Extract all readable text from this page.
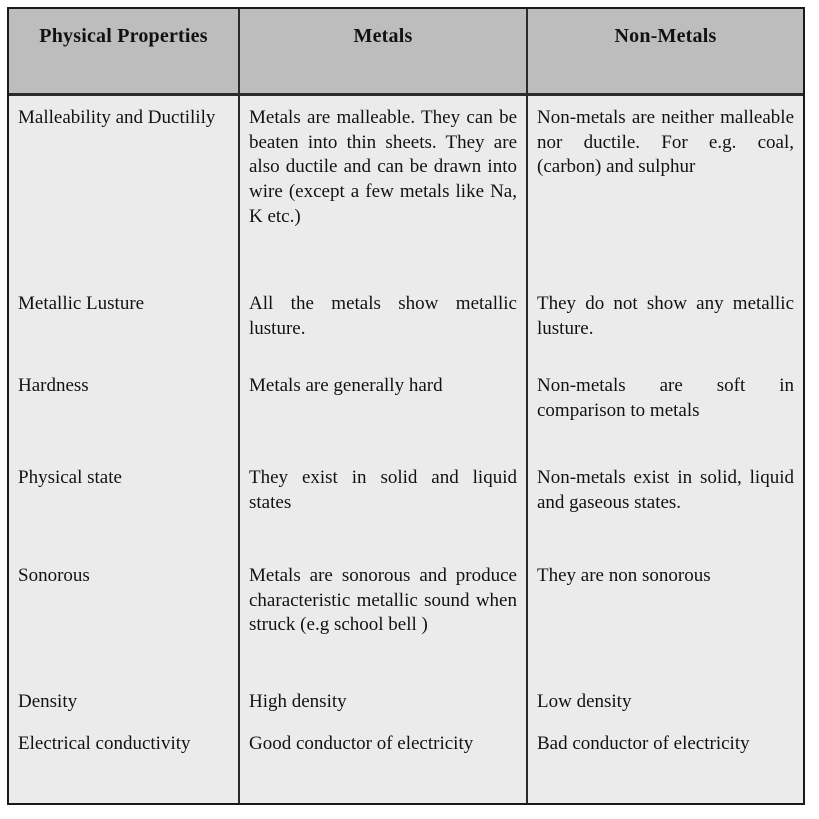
Physical Properties	Metals	Non-Metals
Malleability and Ductilily
Metallic Lusture
Hardness
Physical state
Sonorous
Density
Electrical conductivity
Metals are malleable. They can be beaten into thin sheets. They are also ductile and can be drawn into wire (except a few metals like Na, K etc.)
All the metals show metallic lusture.
Metals are generally hard
They exist in solid and liquid states
Metals are sonorous and produce characteristic metallic sound when struck (e.g school bell )
High density
Good conductor of electricity
Non-metals are neither malleable nor ductile. For e.g. coal, (carbon) and sulphur
They do not show any metallic lusture.
Non-metals are soft in comparison to metals
Non-metals exist in solid, liquid and gaseous states.
They are non sonorous
Low density
Bad conductor of electricity
